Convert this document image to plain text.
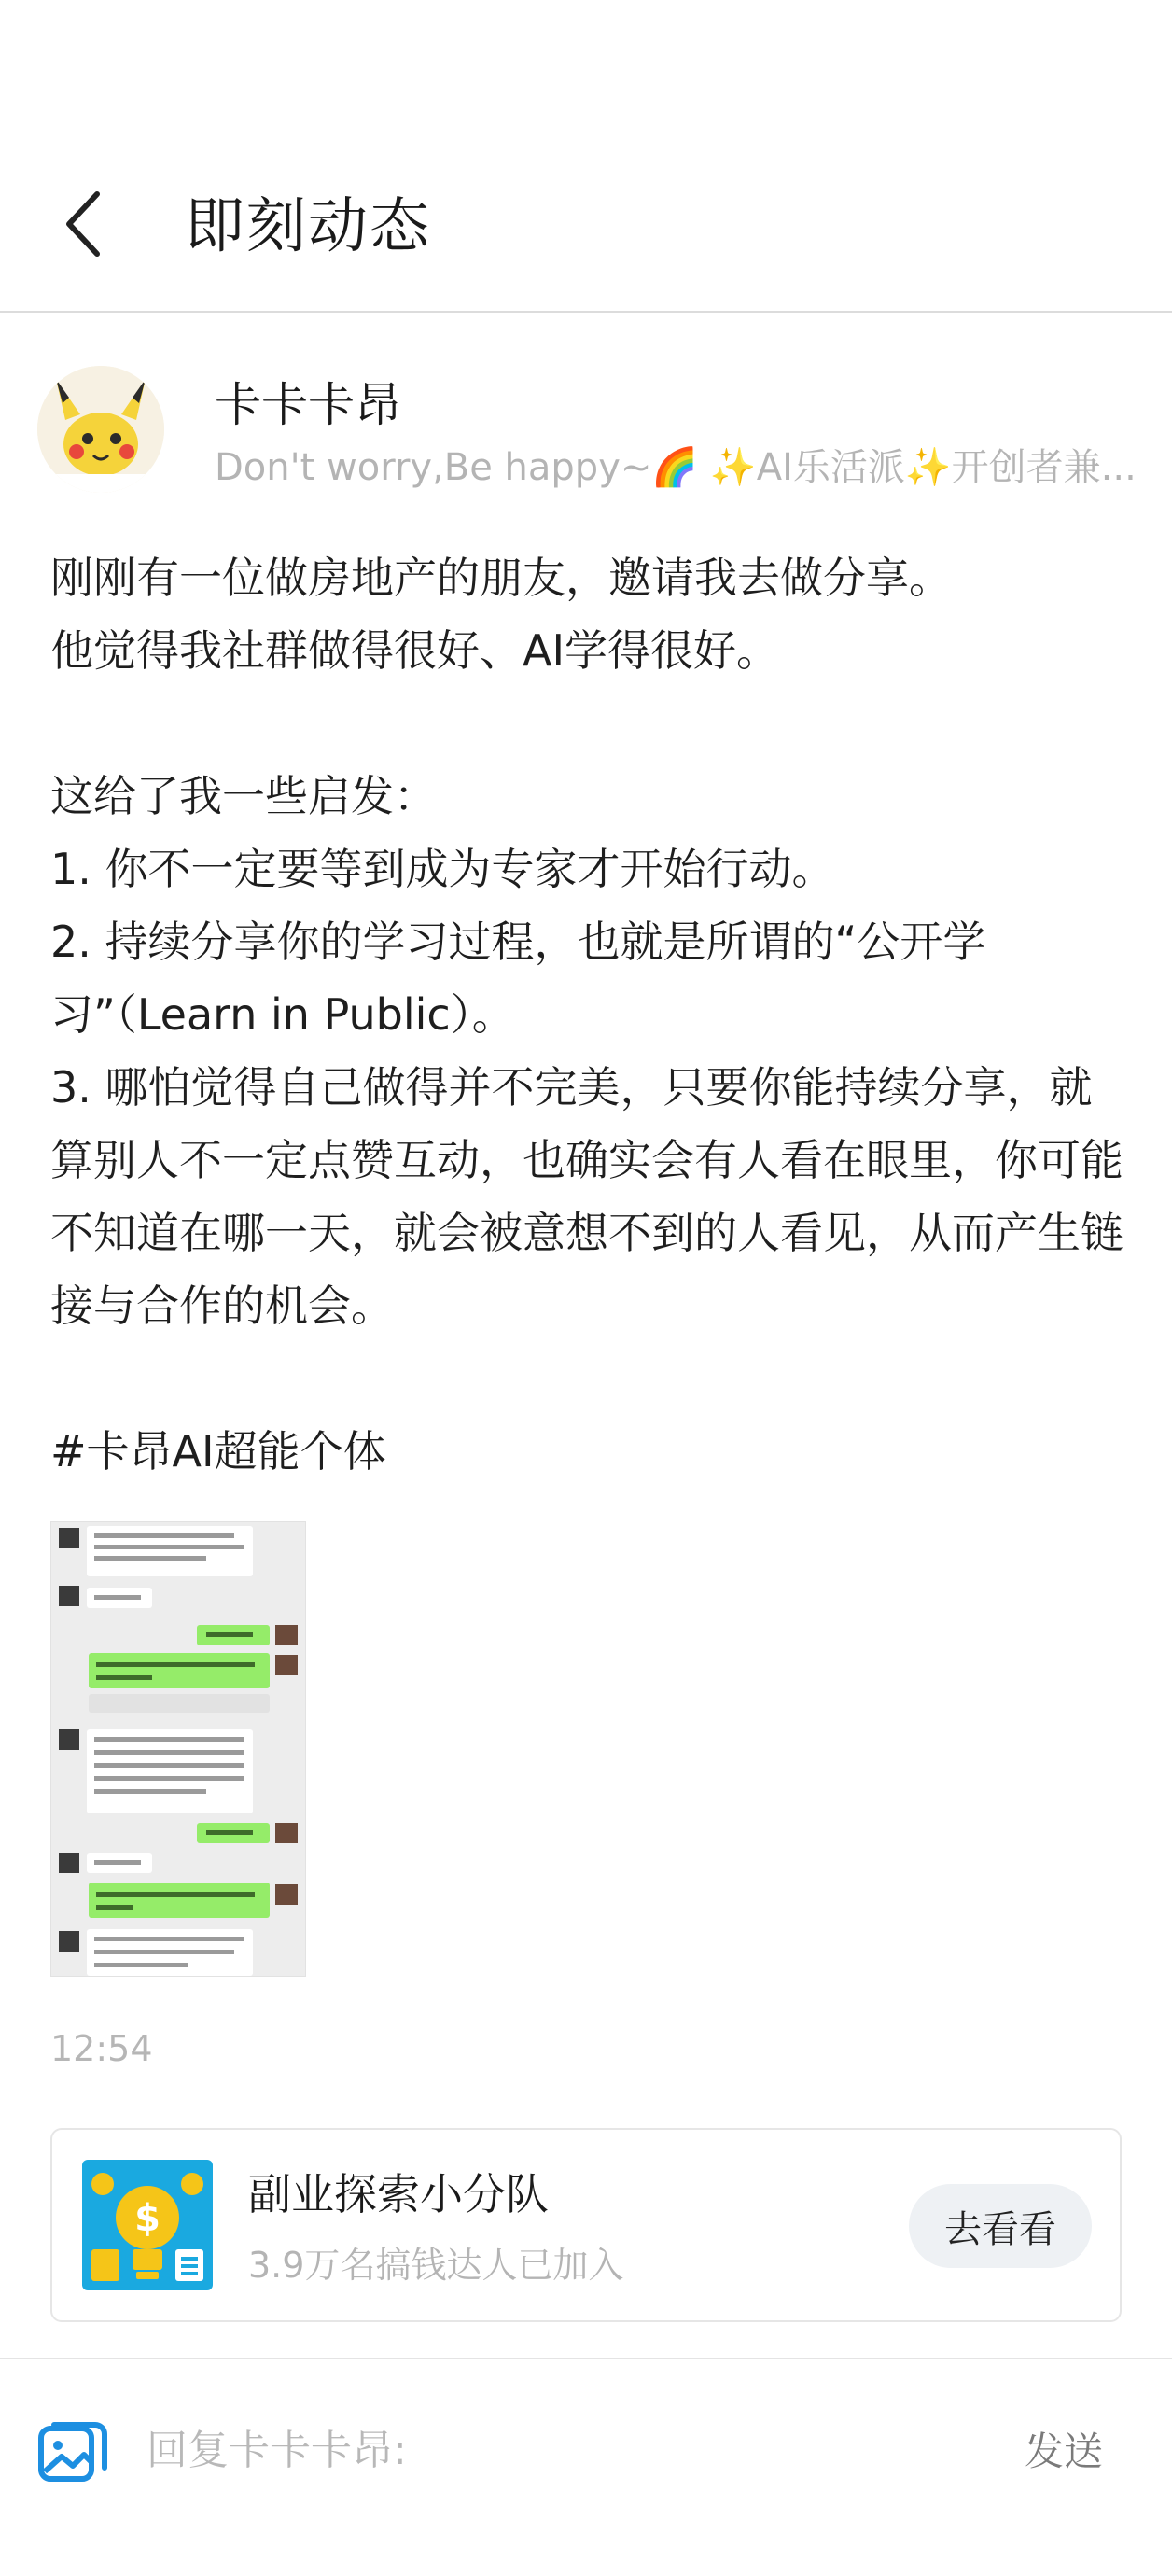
即刻动态
卡卡卡昂
Don't worry,Be happy~🌈 ✨AI乐活派✨开创者兼...

刚刚有一位做房地产的朋友，邀请我去做分享。

他觉得我社群做得很好、AI学得很好。

这给了我一些启发：

1. 你不一定要等到成为专家才开始行动。

2. 持续分享你的学习过程，也就是所谓的“公开学习”（Learn in Public）。

3. 哪怕觉得自己做得并不完美，只要你能持续分享，就算别人不一定点赞互动，也确实会有人看在眼里，你可能不知道在哪一天，就会被意想不到的人看见，从而产生链接与合作的机会。

#卡昂AI超能个体

12:54
$ 副业探索小分队
3.9万名搞钱达人已加入
去看看
回复卡卡卡昂:
发送
